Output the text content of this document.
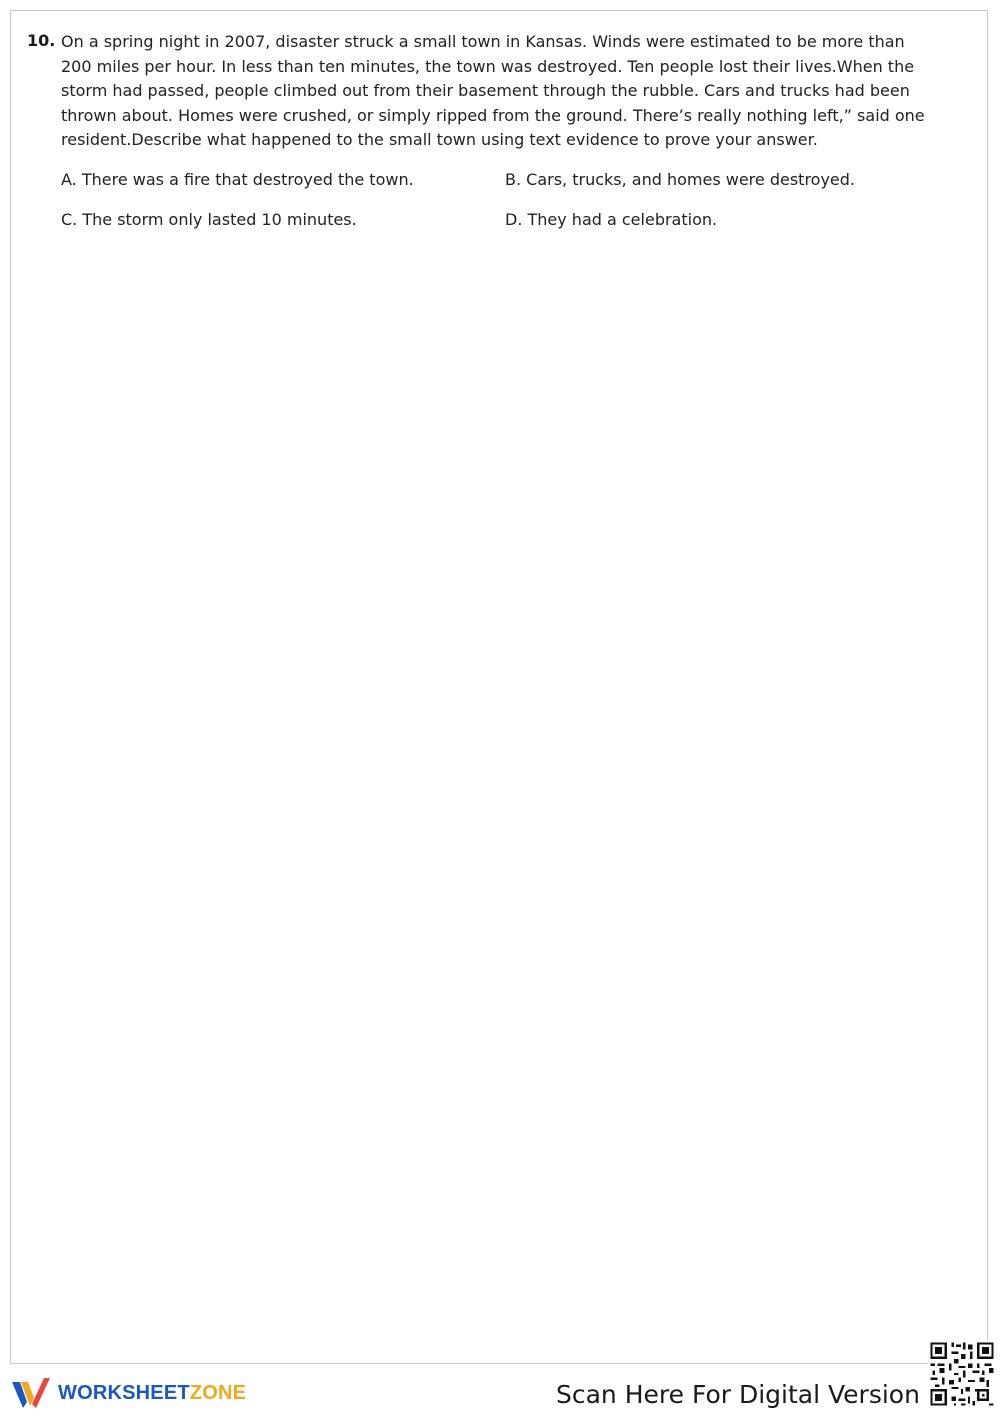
10. On a spring night in 2007, disaster struck a small town in Kansas. Winds were estimated to be more than 200 miles per hour. In less than ten minutes, the town was destroyed. Ten people lost their lives.When the storm had passed, people climbed out from their basement through the rubble. Cars and trucks had been thrown about. Homes were crushed, or simply ripped from the ground. There’s really nothing left,” said one resident.Describe what happened to the small town using text evidence to prove your answer.
A. There was a fire that destroyed the town.	B. Cars, trucks, and homes were destroyed.
C. The storm only lasted 10 minutes.	D. They had a celebration.
WORKSHEETZONE	Scan Here For Digital Version
